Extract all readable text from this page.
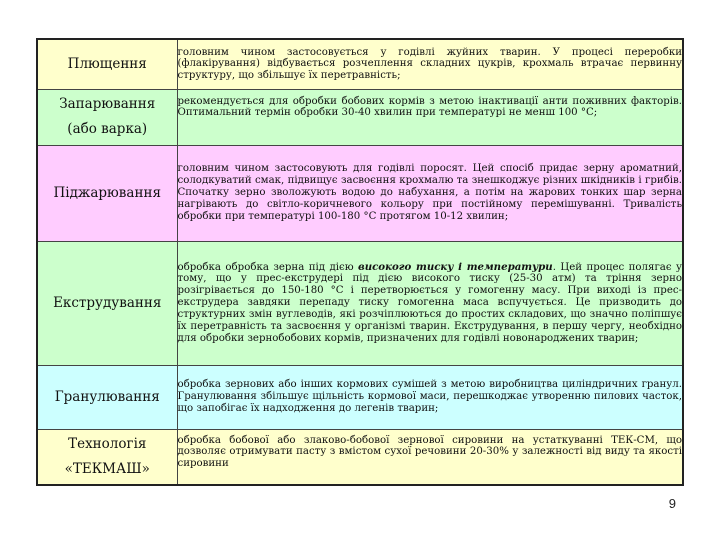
Плющення	головним чином застосовується у годівлі жуйних тварин. У процесі переробки (флакірування) відбувається розчеплення складних цукрів, крохмаль втрачає первинну структуру, що збільшує їх перетравність;

Запарювання
(або варка)	рекомендується для обробки бобових кормів з метою інактивації анти поживних факторів. Оптимальний термін обробки 30-40 хвилин при температурі не менш 100 °С;

Піджарювання	головним чином застосовують для годівлі поросят. Цей спосіб придає зерну ароматний, солодкуватий смак, підвищує засвоєння крохмалю та знешкоджує різних шкідників і грибів. Спочатку зерно зволожують водою до набухання, а потім на жарових тонких шар зерна нагрівають до світло-коричневого кольору при постійному перемішуванні. Тривалість обробки при температурі 100-180 °С протягом 10-12 хвилин;

Екструдування	обробка обробка зерна під дією високого тиску і температури. Цей процес полягає у тому, що у прес-екструдері під дією високого тиску (25-30 атм) та тріння зерно розігрівається до 150-180 °С і перетворюється у гомогенну масу. При виході із прес-екструдера завдяки перепаду тиску гомогенна маса вспучується. Це призводить до структурних змін вуглеводів, які розчіплюються до простих складових, що значно поліпшує їх перетравність та засвоєння у організмі тварин. Екструдування, в першу чергу, необхідно для обробки зернобобових кормів, призначених для годівлі новонароджених тварин;

Гранулювання	обробка зернових або інших кормових сумішей з метою виробництва циліндричних гранул. Гранулювання збільшує щільність кормової маси, перешкоджає утворенню пилових часток, що запобігає їх надходження до легенів тварин;

Технологія
«ТЕКМАШ»	обробка бобової або злаково-бобової зернової сировини на устаткуванні ТЕК-СМ, що дозволяє отримувати пасту з вмістом сухої речовини 20-30% у залежності від виду та якості сировини

9
